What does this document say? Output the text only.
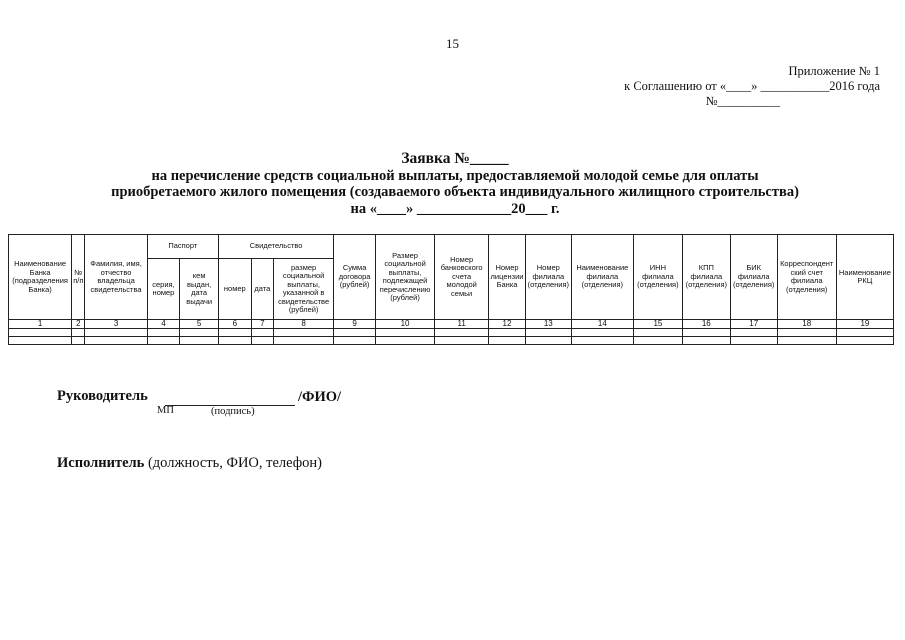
15
Приложение № 1
к Соглашению от «____» ___________2016 года
№__________
Заявка №_____
на перечисление средств социальной выплаты, предоставляемой молодой семье для оплаты
приобретаемого жилого помещения (создаваемого объекта индивидуального жилищного строительства)
на «____» _____________20___ г.
Наименование Банка (подразделения Банка)	№ п/п	Фамилия, имя, отчество владельца свидетельства	Паспорт		Свидетельство			Сумма договора (рублей)	Размер социальной выплаты, подлежащей перечислению (рублей)	Номер банковского счета молодой семьи	Номер лицензии Банка	Номер филиала (отделения)	Наименование филиала (отделения)	ИНН филиала (отделения)	КПП филиала (отделения)	БИК филиала (отделения)	Корреспондентский счет филиала (отделения)	Наименование РКЦ
			серия, номер	кем выдан, дата выдачи	номер	дата	размер социальной выплаты, указанной в свидетельстве (рублей)											
1	2	3	4	5	6	7	8	9	10	11	12	13	14	15	16	17	18	19

Руководитель	/ФИО/
МП	(подпись)
Исполнитель (должность, ФИО, телефон)
